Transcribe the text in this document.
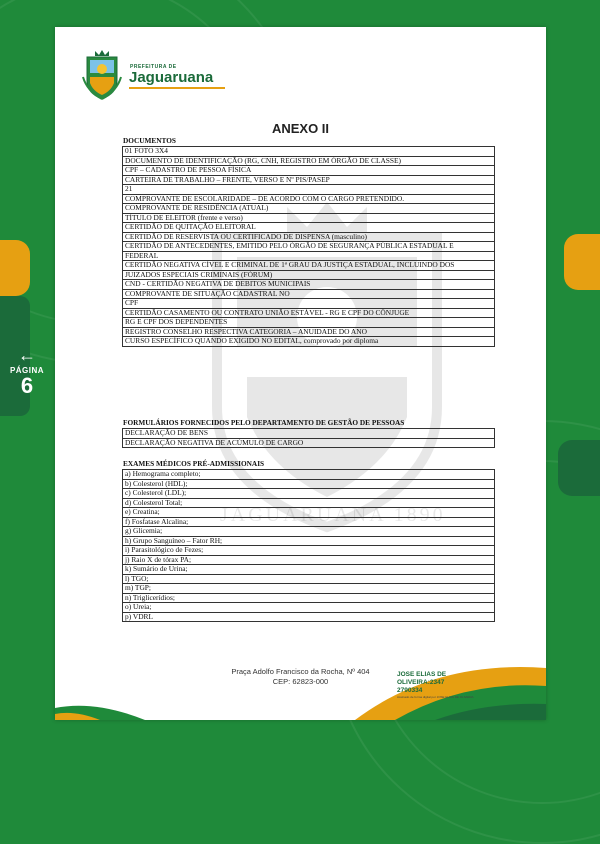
←
PÁGINA
6
PREFEITURA DE
Jaguaruana
JAGUARUANA 1890
ANEXO II
DOCUMENTOS
01 FOTO 3X4
DOCUMENTO DE IDENTIFICAÇÃO (RG, CNH, REGISTRO EM ÓRGÃO DE CLASSE)
CPF – CADASTRO DE PESSOA FÍSICA
CARTEIRA DE TRABALHO – FRENTE, VERSO E Nº PIS/PASEP
21
COMPROVANTE DE ESCOLARIDADE – DE ACORDO COM O CARGO PRETENDIDO.
COMPROVANTE DE RESIDÊNCIA (ATUAL)
TÍTULO DE ELEITOR (frente e verso)
CERTIDÃO DE QUITAÇÃO ELEITORAL
CERTIDÃO DE RESERVISTA OU CERTIFICADO DE DISPENSA (masculino)
CERTIDÃO DE ANTECEDENTES, EMITIDO PELO ÓRGÃO DE SEGURANÇA PÚBLICA ESTADUAL E
FEDERAL
CERTIDÃO NEGATIVA CÍVEL E CRIMINAL DE 1ª GRAU DA JUSTIÇA ESTADUAL, INCLUINDO DOS
JUIZADOS ESPECIAIS CRIMINAIS (FÓRUM)
CND - CERTIDÃO NEGATIVA DE DEBITOS MUNICIPAIS
COMPROVANTE DE SITUAÇÃO CADASTRAL NO
CPF
CERTIDÃO CASAMENTO OU CONTRATO UNIÃO ESTÁVEL - RG E CPF DO CÔNJUGE
RG E CPF DOS DEPENDENTES
REGISTRO CONSELHO RESPECTIVA CATEGORIA – ANUIDADE DO ANO
CURSO ESPECÍFICO QUANDO EXIGIDO NO EDITAL, comprovado por diploma
FORMULÁRIOS FORNECIDOS PELO DEPARTAMENTO DE GESTÃO DE PESSOAS
DECLARAÇÃO DE BENS
DECLARAÇÃO NEGATIVA DE ACÚMULO DE CARGO
EXAMES MÉDICOS PRÉ-ADMISSIONAIS
a) Hemograma completo;
b) Colesterol (HDL);
c) Colesterol (LDL);
d) Colesterol Total;
e) Creatina;
f) Fosfatase Alcalina;
g) Glicemia;
h) Grupo Sanguíneo – Fator RH;
i) Parasitológico de Fezes;
j) Raio X de tórax PA;
k) Sumário de Urina;
l) TGO;
m) TGP;
n) Triglicerídios;
o) Ureia;
p) VDRL
Praça Adolfo Francisco da Rocha, Nº 404
CEP: 62823-000
JOSE ELIAS DE
OLIVEIRA:2347
2790334
Assinado de forma digital por JOSE ELIAS DE OLIVEIRA
